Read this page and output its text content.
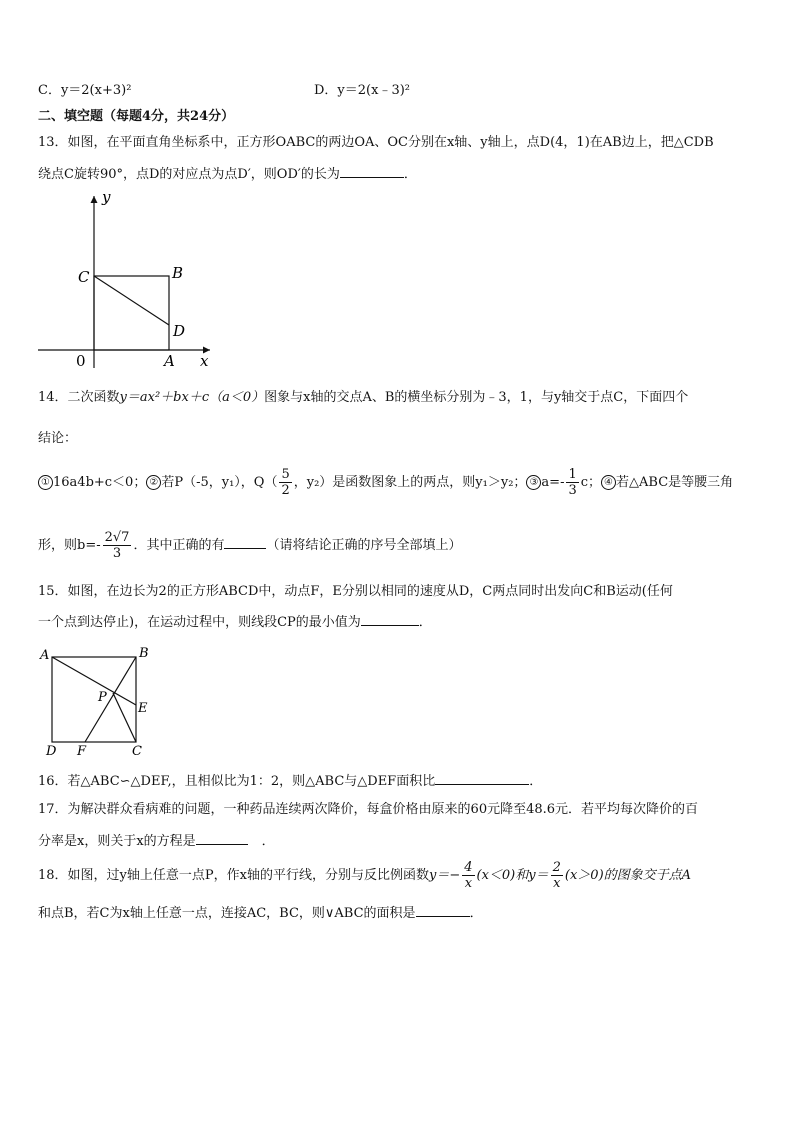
C．y＝2(x+3)²	D．y＝2(x﹣3)²
二、填空题（每题4分，共24分）
13．如图，在平面直角坐标系中，正方形OABC的两边OA、OC分别在x轴、y轴上，点D(4，1)在AB边上，把△CDB
绕点C旋转90°，点D的对应点为点D′，则OD′的长为	．
y
x
0	A
B
C
D
14．二次函数y＝ax²＋bx＋c（a＜0）图象与x轴的交点A、B的横坐标分别为﹣3，1，与y轴交于点C，下面四个
结论：
① 16a4b+c＜0； ② 若P（-5，y₁），$Q( \frac{5}{2}$ ，y₂）是函数图象上的两点，则y₁＞y₂； ③ $a=- \frac{1}{3}$ c； ④ 若△ABC是等腰三角
形，则$b=- \frac{2√7}{3}$ ．其中正确的有	（请将结论正确的序号全部填上）
15．如图，在边长为2的正方形ABCD中，动点F，E分别以相同的速度从D，C两点同时出发向C和B运动(任何
一个点到达停止)，在运动过程中，则线段CP的最小值为	．
A	B
C
D
E
F
P
16．若△ABC∽△DEF,，且相似比为1：2，则△ABC与△DEF面积比	．
17．为解决群众看病难的问题，一种药品连续两次降价，每盒价格由原来的60元降至48.6元．若平均每次降价的百
分率是x，则关于x的方程是	．
18．如图，过y轴上任意一点P，作x轴的平行线，分别与反比例函数$y=- \frac{4}{x} (x<0)$和$y= \frac{2}{x} (x>0)$的图象交于点A
和点B，若C为x轴上任意一点，连接AC，BC，则∨ABC的面积是	．
